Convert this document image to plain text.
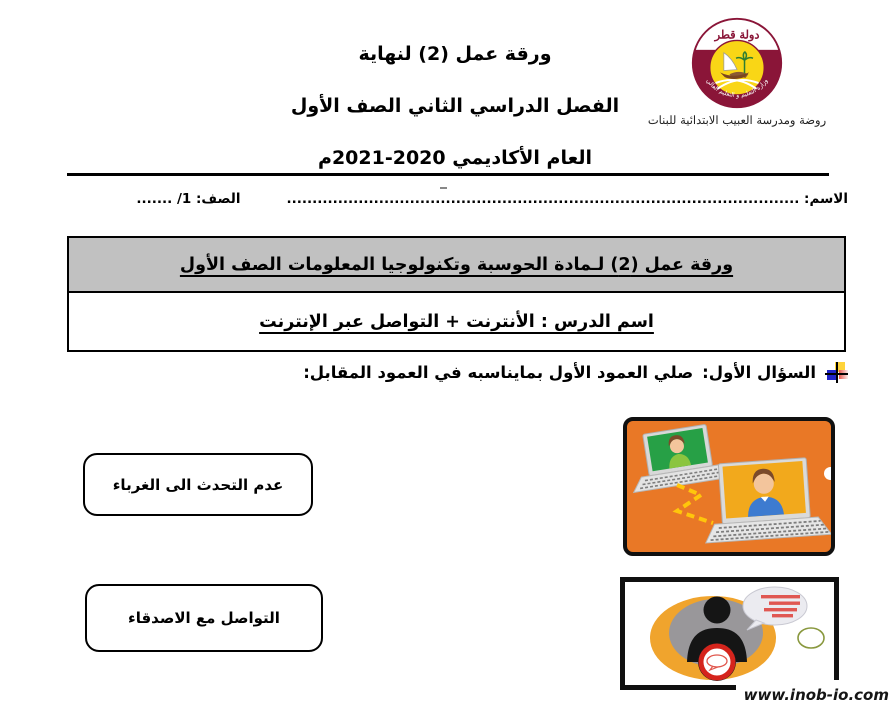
ورقة عمل (2) لنهاية
الفصل الدراسي الثاني الصف الأول
العام الأكاديمي 2020-2021م
دولة قطر
وزارة التعليم و التعليم العالي
روضة ومدرسة العبيب الابتدائية للبنات
الاسم: ....................................................................................................
الصف: 1/ .......
ورقة عمل (2) لـمادة الحوسبة وتكنولوجيا المعلومات الصف الأول
اسم الدرس : الأنترنت + التواصل عبر الإنترنت
السؤال الأول:
صلي العمود الأول بمايناسبه في العمود المقابل:
عدم التحدث الى الغرباء
التواصل مع الاصدقاء
www.inob-io.com
